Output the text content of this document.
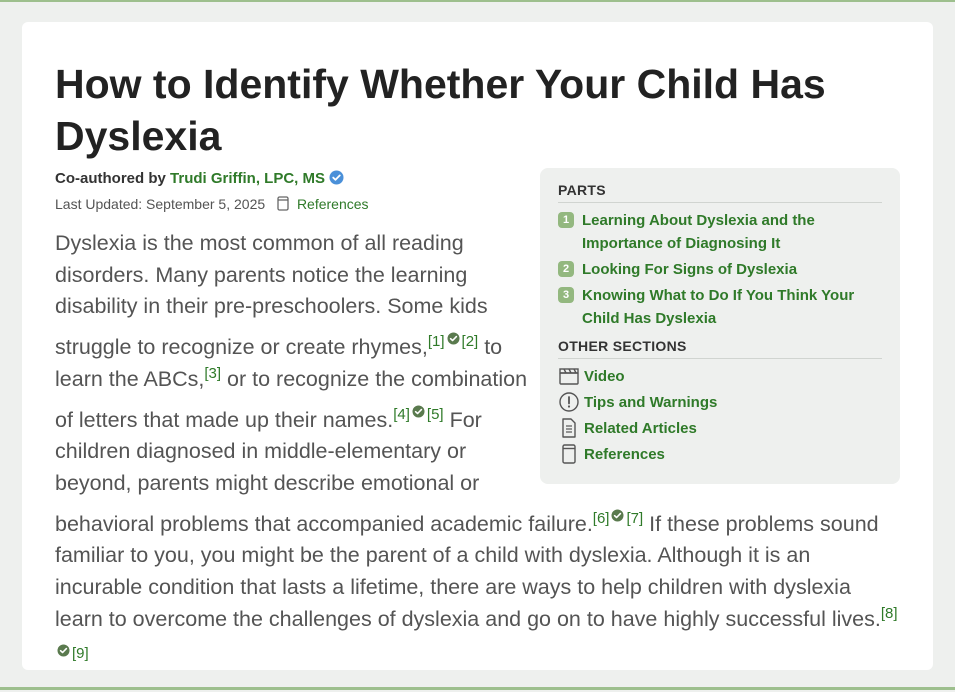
How to Identify Whether Your Child Has Dyslexia
Co-authored by Trudi Griffin, LPC, MS
Last Updated: September 5, 2025 References
PARTS
1 Learning About Dyslexia and the Importance of Diagnosing It
2 Looking For Signs of Dyslexia
3 Knowing What to Do If You Think Your Child Has Dyslexia
OTHER SECTIONS
Video
Tips and Warnings
Related Articles
References
Dyslexia is the most common of all reading disorders. Many parents notice the learning disability in their pre-preschoolers. Some kids struggle to recognize or create rhymes,[1] [2] to learn the ABCs,[3] or to recognize the combination of letters that made up their names.[4] [5] For children diagnosed in middle-elementary or beyond, parents might describe emotional or behavioral problems that accompanied academic failure.[6] [7] If these problems sound familiar to you, you might be the parent of a child with dyslexia. Although it is an incurable condition that lasts a lifetime, there are ways to help children with dyslexia learn to overcome the challenges of dyslexia and go on to have highly successful lives.[8][9]
